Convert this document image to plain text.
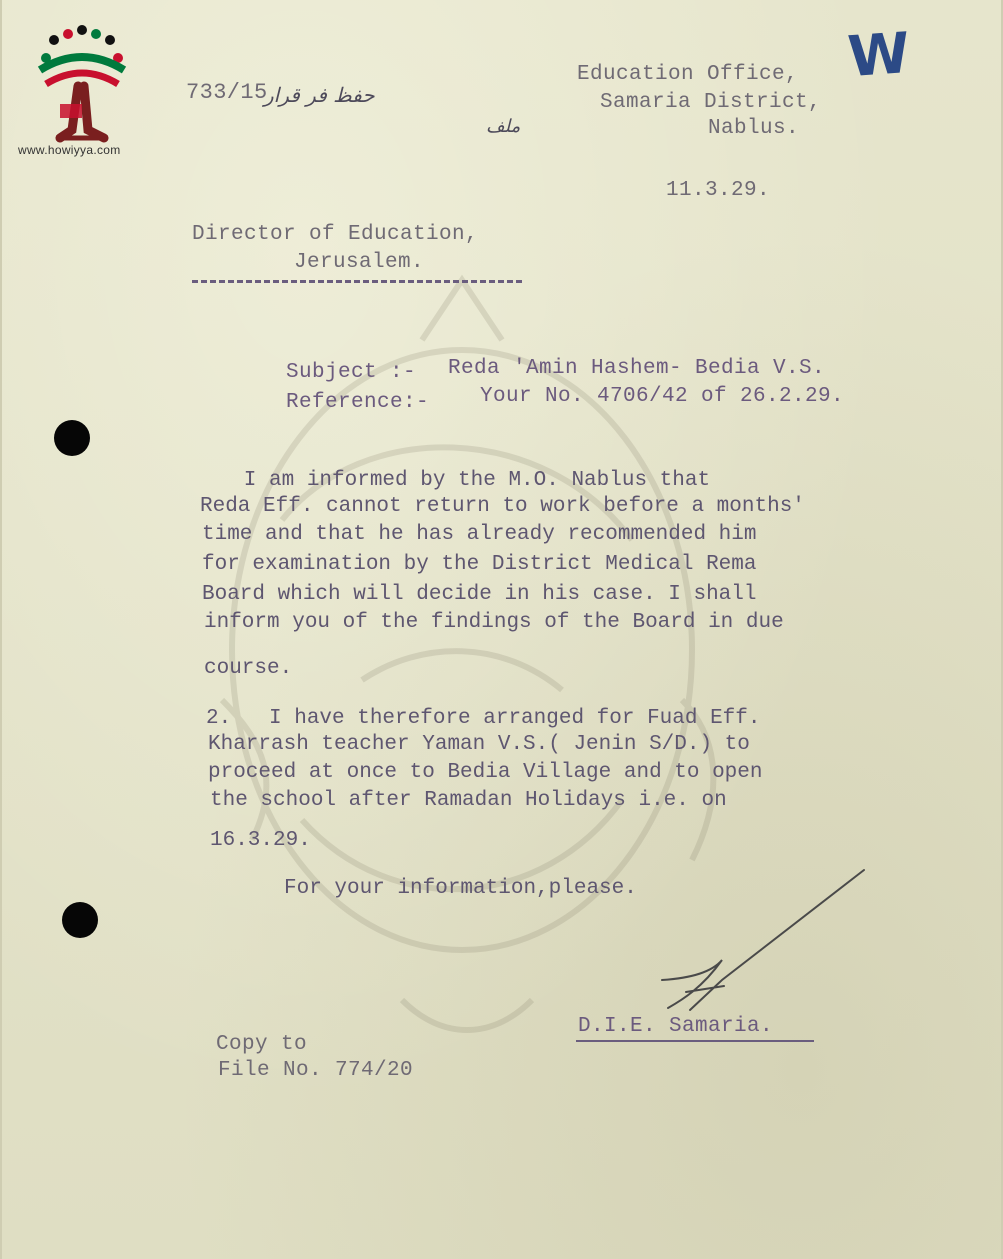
www.howiyya.com
733/15
حفظ فر قرار
ملف
W
Education Office,
Samaria District,
Nablus.
11.3.29.
Director of Education,
Jerusalem.
Subject :- Reda 'Amin Hashem- Bedia V.S.
Reference:- Your No. 4706/42 of 26.2.29.
I am informed by the M.O. Nablus that
Reda Eff. cannot return to work before a months'
time and that he has already recommended him
for examination by the District Medical Rema
Board which will decide in his case. I shall
inform you of the findings of the Board in due
course.
2.   I have therefore arranged for Fuad Eff.
Kharrash teacher Yaman V.S.( Jenin S/D.) to
proceed at once to Bedia Village and to open
the school after Ramadan Holidays i.e. on
16.3.29.
For your information,please.
D.I.E. Samaria.
Copy to
File No. 774/20
